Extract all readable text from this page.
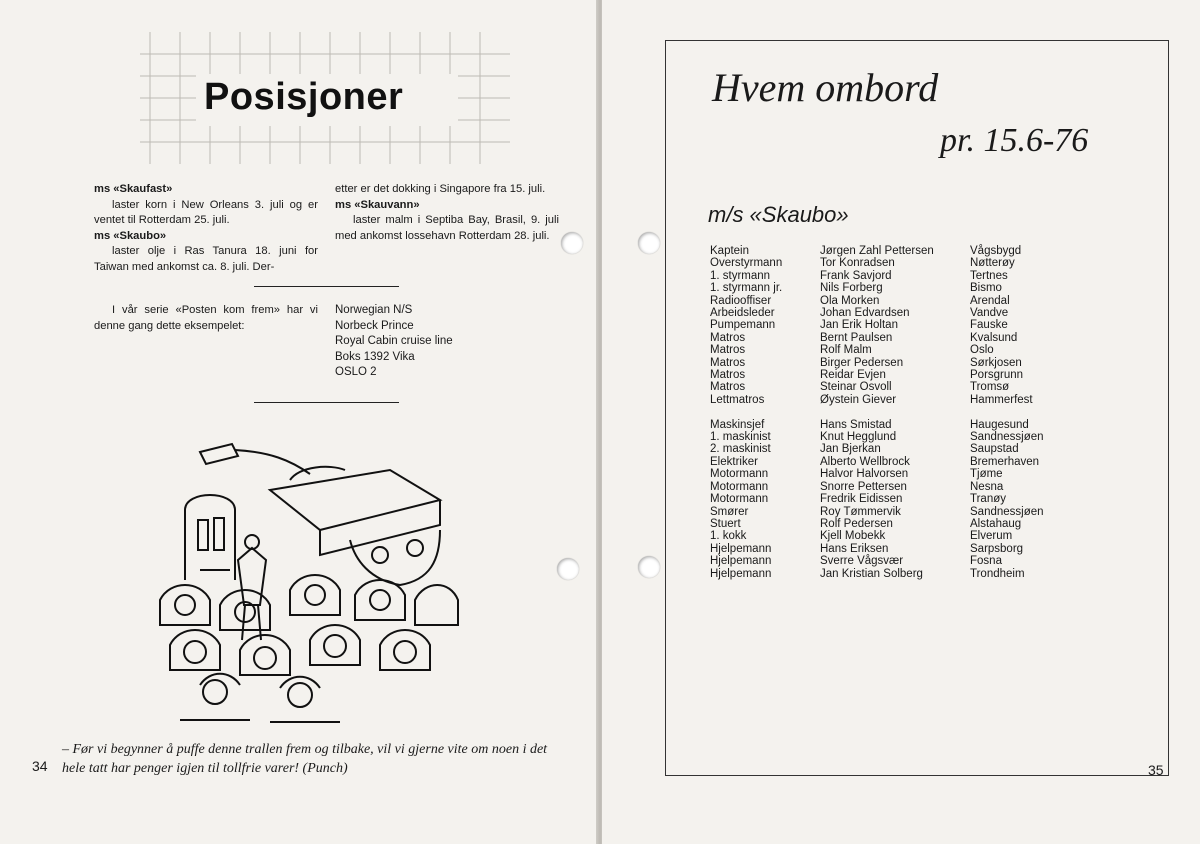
Posisjoner

ms «Skaufast»

laster korn i New Orleans 3. juli og er ventet til Rotterdam 25. juli.

ms «Skaubo»

laster olje i Ras Tanura 18. juni for Taiwan med ankomst ca. 8. juli. Der-

etter er det dokking i Singapore fra 15. juli.

ms «Skauvann»

laster malm i Septiba Bay, Brasil, 9. juli med ankomst lossehavn Rotterdam 28. juli.

I vår serie «Posten kom frem» har vi denne gang dette eksempelet:

Norwegian N/S
Norbeck Prince
Royal Cabin cruise line
Boks 1392 Vika
OSLO 2
– Før vi begynner å puffe denne trallen frem og tilbake, vil vi gjerne vite om noen i det hele tatt har penger igjen til tollfrie varer! (Punch)
34
Hvem ombord
pr. 15.6-76
m/s «Skaubo»
Kaptein
Overstyrmann
1. styrmann
1. styrmann jr.
Radiooffiser
Arbeidsleder
Pumpemann
Matros
Matros
Matros
Matros
Matros
Lettmatros
Maskinsjef
1. maskinist
2. maskinist
Elektriker
Motormann
Motormann
Motormann
Smører
Stuert
1. kokk
Hjelpemann
Hjelpemann
Hjelpemann
Jørgen Zahl Pettersen
Tor Konradsen
Frank Savjord
Nils Forberg
Ola Morken
Johan Edvardsen
Jan Erik Holtan
Bernt Paulsen
Rolf Malm
Birger Pedersen
Reidar Evjen
Steinar Osvoll
Øystein Giever
Hans Smistad
Knut Hegglund
Jan Bjerkan
Alberto Wellbrock
Halvor Halvorsen
Snorre Pettersen
Fredrik Eidissen
Roy Tømmervik
Rolf Pedersen
Kjell Mobekk
Hans Eriksen
Sverre Vågsvær
Jan Kristian Solberg
Vågsbygd
Nøtterøy
Tertnes
Bismo
Arendal
Vandve
Fauske
Kvalsund
Oslo
Sørkjosen
Porsgrunn
Tromsø
Hammerfest
Haugesund
Sandnessjøen
Saupstad
Bremerhaven
Tjøme
Nesna
Tranøy
Sandnessjøen
Alstahaug
Elverum
Sarpsborg
Fosna
Trondheim
35
